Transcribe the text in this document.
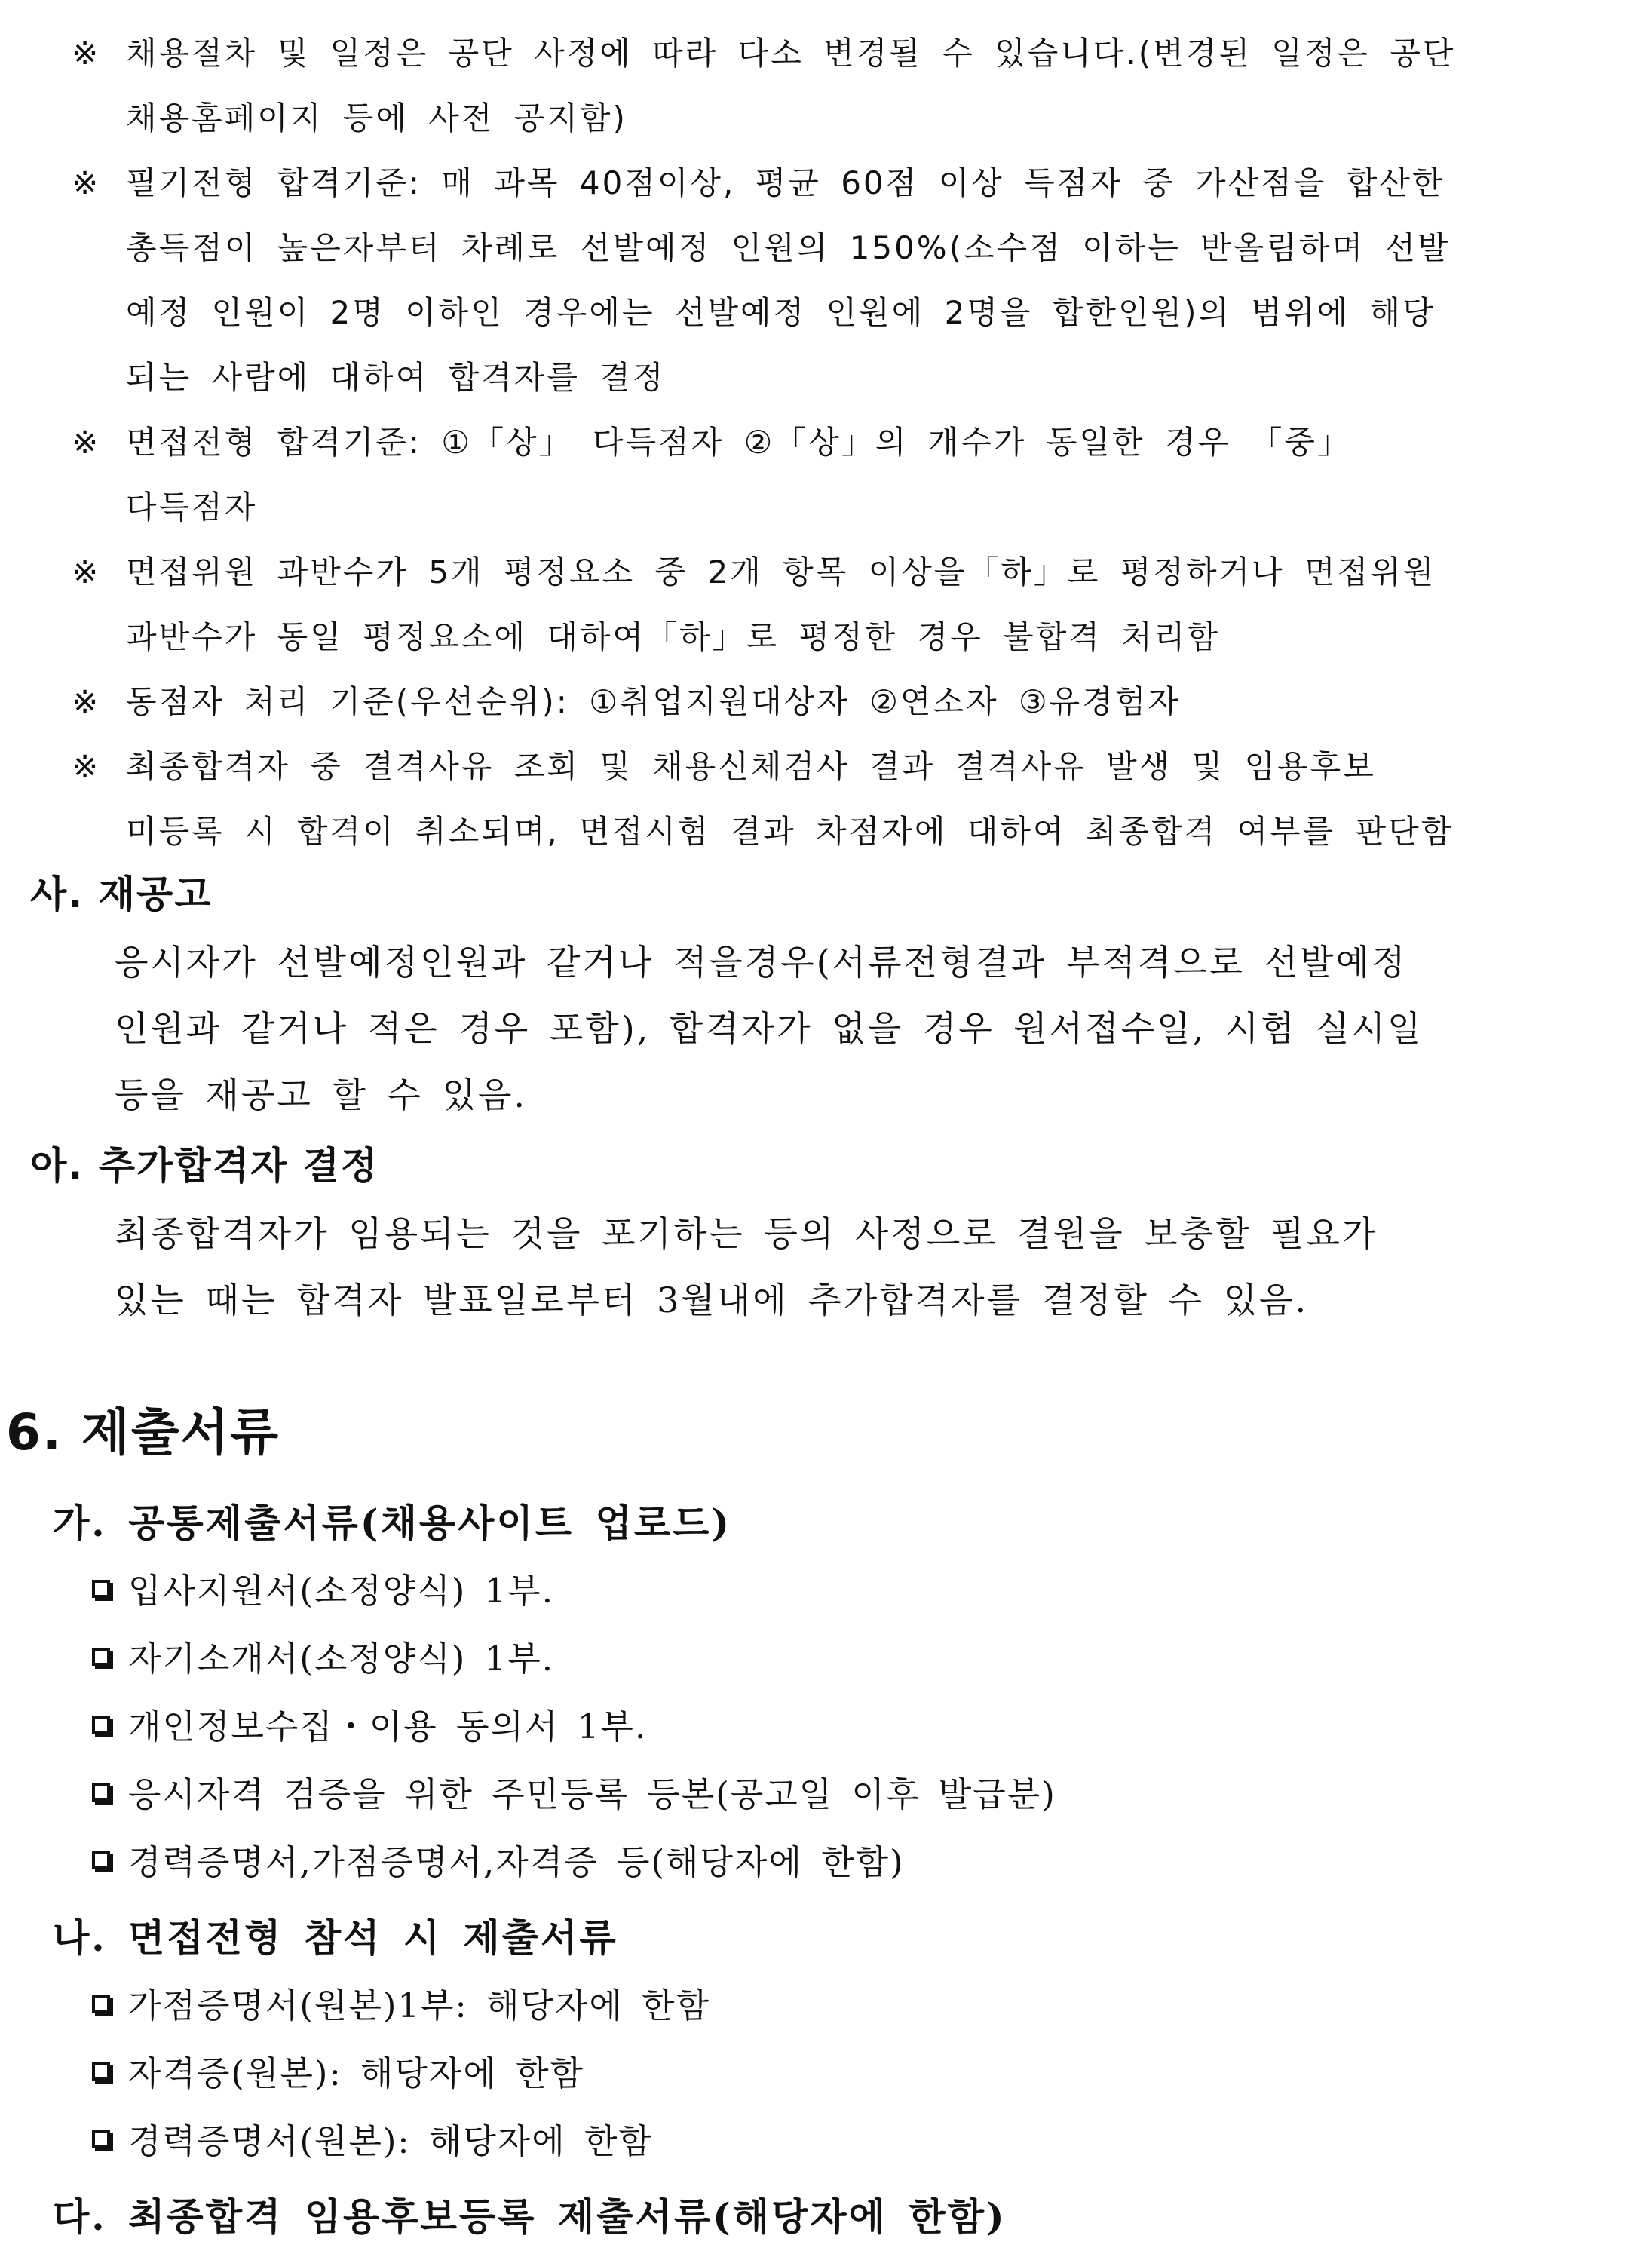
※ 채용절차 및 일정은 공단 사정에 따라 다소 변경될 수 있습니다.(변경된 일정은 공단
채용홈페이지 등에 사전 공지함)
※ 필기전형 합격기준: 매 과목 40점이상, 평균 60점 이상 득점자 중 가산점을 합산한
총득점이 높은자부터 차례로 선발예정 인원의 150%(소수점 이하는 반올림하며 선발
예정 인원이 2명 이하인 경우에는 선발예정 인원에 2명을 합한인원)의 범위에 해당
되는 사람에 대하여 합격자를 결정
※ 면접전형 합격기준: ①「상」 다득점자 ②「상」의 개수가 동일한 경우 「중」
다득점자
※ 면접위원 과반수가 5개 평정요소 중 2개 항목 이상을「하」로 평정하거나 면접위원
과반수가 동일 평정요소에 대하여「하」로 평정한 경우 불합격 처리함
※ 동점자 처리 기준(우선순위): ①취업지원대상자 ②연소자 ③유경험자
※ 최종합격자 중 결격사유 조회 및 채용신체검사 결과 결격사유 발생 및 임용후보
미등록 시 합격이 취소되며, 면접시험 결과 차점자에 대하여 최종합격 여부를 판단함
사. 재공고
응시자가 선발예정인원과 같거나 적을경우(서류전형결과 부적격으로 선발예정
인원과 같거나 적은 경우 포함), 합격자가 없을 경우 원서접수일, 시험 실시일
등을 재공고 할 수 있음.
아. 추가합격자 결정
최종합격자가 임용되는 것을 포기하는 등의 사정으로 결원을 보충할 필요가
있는 때는 합격자 발표일로부터 3월내에 추가합격자를 결정할 수 있음.
6. 제출서류
가. 공통제출서류(채용사이트 업로드)
입사지원서(소정양식) 1부.
자기소개서(소정양식) 1부.
개인정보수집・이용 동의서 1부.
응시자격 검증을 위한 주민등록 등본(공고일 이후 발급분)
경력증명서,가점증명서,자격증 등(해당자에 한함)
나. 면접전형 참석 시 제출서류
가점증명서(원본)1부: 해당자에 한함
자격증(원본): 해당자에 한함
경력증명서(원본): 해당자에 한함
다. 최종합격 임용후보등록 제출서류(해당자에 한함)
